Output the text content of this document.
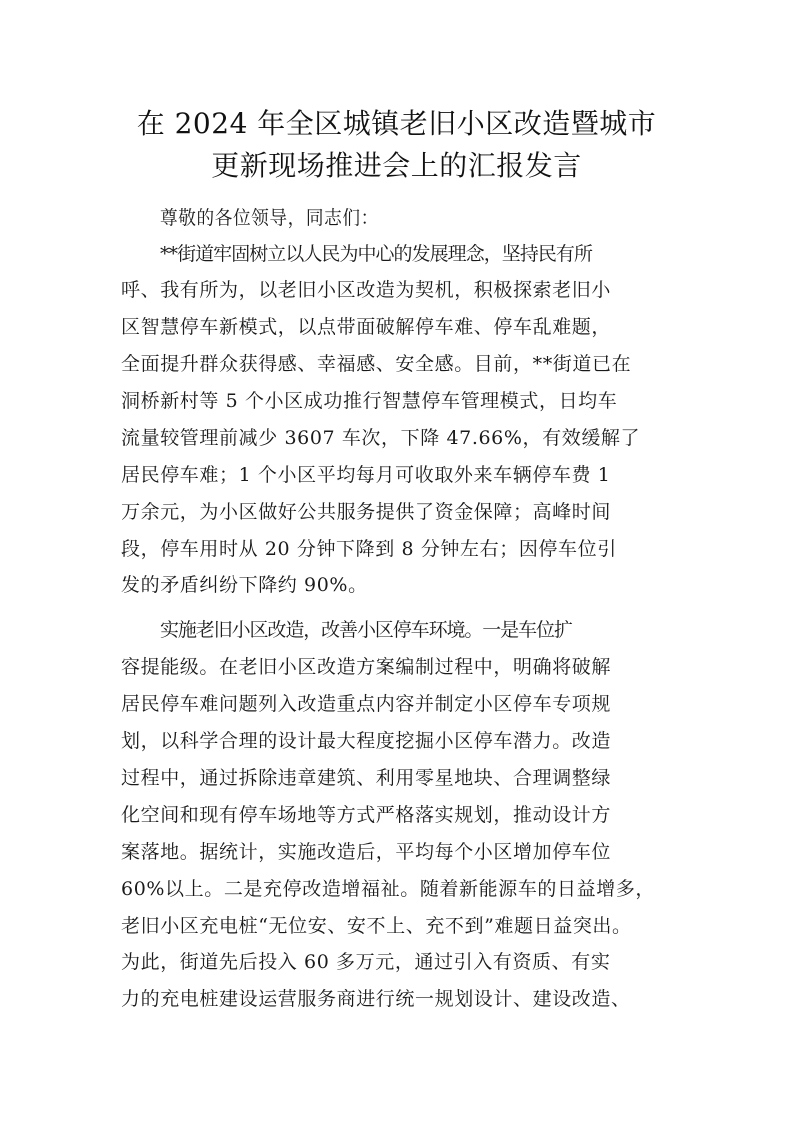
在 2024 年全区城镇老旧小区改造暨城市
更新现场推进会上的汇报发言
尊敬的各位领导，同志们：
**街道牢固树立以人民为中心的发展理念，坚持民有所
呼、我有所为，以老旧小区改造为契机，积极探索老旧小
区智慧停车新模式，以点带面破解停车难、停车乱难题，
全面提升群众获得感、幸福感、安全感。目前，**街道已在
洞桥新村等 5 个小区成功推行智慧停车管理模式，日均车
流量较管理前减少 3607 车次，下降 47.66%，有效缓解了
居民停车难；1 个小区平均每月可收取外来车辆停车费 1
万余元，为小区做好公共服务提供了资金保障；高峰时间
段，停车用时从 20 分钟下降到 8 分钟左右；因停车位引
发的矛盾纠纷下降约 90%。
实施老旧小区改造，改善小区停车环境。一是车位扩
容提能级。在老旧小区改造方案编制过程中，明确将破解
居民停车难问题列入改造重点内容并制定小区停车专项规
划，以科学合理的设计最大程度挖掘小区停车潜力。改造
过程中，通过拆除违章建筑、利用零星地块、合理调整绿
化空间和现有停车场地等方式严格落实规划，推动设计方
案落地。据统计，实施改造后，平均每个小区增加停车位
60%以上。二是充停改造增福祉。随着新能源车的日益增多，
老旧小区充电桩“无位安、安不上、充不到”难题日益突出。
为此，街道先后投入 60 多万元，通过引入有资质、有实
力的充电桩建设运营服务商进行统一规划设计、建设改造、
